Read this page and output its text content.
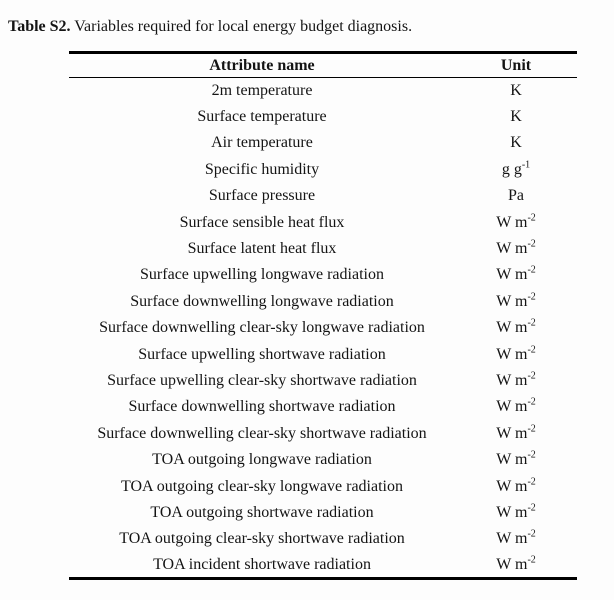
Table S2. Variables required for local energy budget diagnosis.

Attribute name	Unit
2m temperature	K
Surface temperature	K
Air temperature	K
Specific humidity	g $g^{-1}$
Surface pressure	Pa
Surface sensible heat flux	W $m^{-2}$
Surface latent heat flux	W $m^{-2}$
Surface upwelling longwave radiation	W $m^{-2}$
Surface downwelling longwave radiation	W $m^{-2}$
Surface downwelling clear-sky longwave radiation	W $m^{-2}$
Surface upwelling shortwave radiation	W $m^{-2}$
Surface upwelling clear-sky shortwave radiation	W $m^{-2}$
Surface downwelling shortwave radiation	W $m^{-2}$
Surface downwelling clear-sky shortwave radiation	W $m^{-2}$
TOA outgoing longwave radiation	W $m^{-2}$
TOA outgoing clear-sky longwave radiation	W $m^{-2}$
TOA outgoing shortwave radiation	W $m^{-2}$
TOA outgoing clear-sky shortwave radiation	W $m^{-2}$
TOA incident shortwave radiation	W $m^{-2}$
